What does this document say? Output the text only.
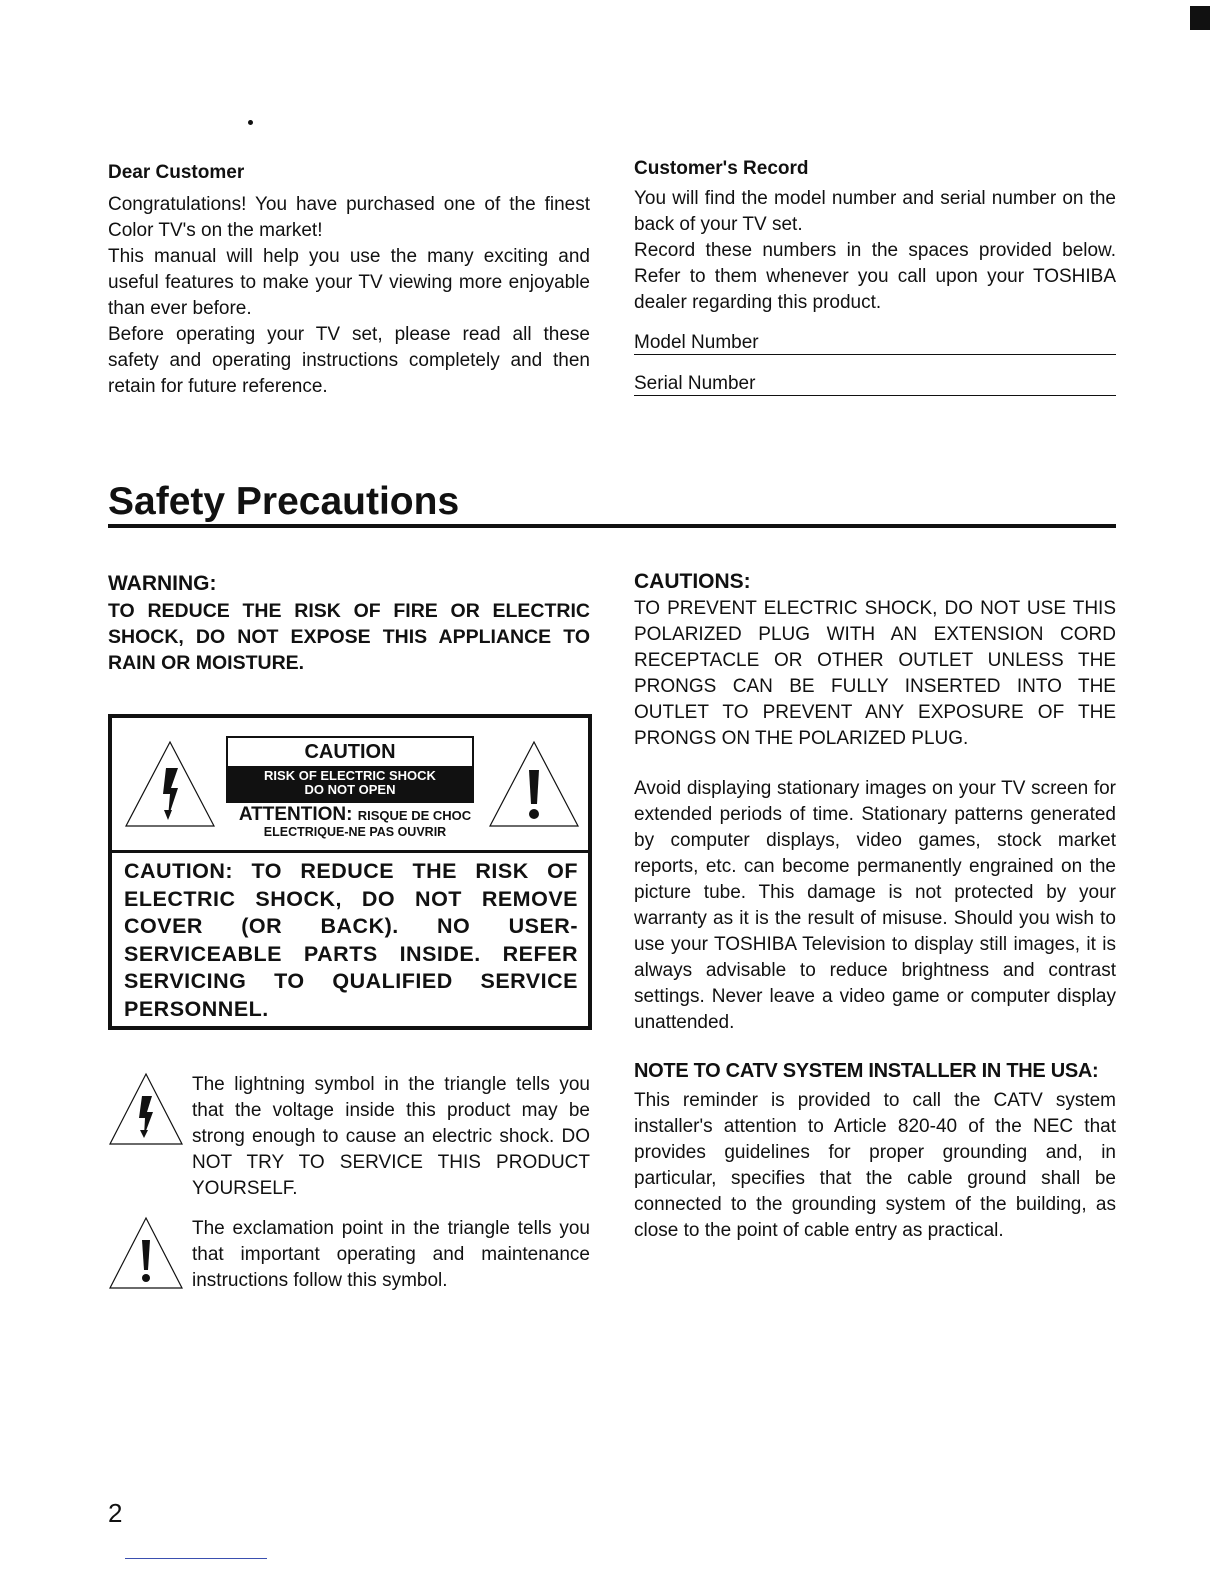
Dear Customer

Congratulations! You have purchased one of the finest Color TV's on the market!

This manual will help you use the many exciting and useful features to make your TV viewing more enjoyable than ever before.

Before operating your TV set, please read all these safety and operating instructions completely and then retain for future reference.

Customer's Record

You will find the model number and serial number on the back of your TV set.

Record these numbers in the spaces provided below. Refer to them whenever you call upon your TOSHIBA dealer regarding this product.

Model Number
Serial Number
Safety Precautions

WARNING:

TO REDUCE THE RISK OF FIRE OR ELECTRIC SHOCK, DO NOT EXPOSE THIS APPLIANCE TO RAIN OR MOISTURE.

CAUTION
RISK OF ELECTRIC SHOCK
DO NOT OPEN
ATTENTION: RISQUE DE CHOC
ELECTRIQUE-NE PAS OUVRIR

CAUTION: TO REDUCE THE RISK OF ELECTRIC SHOCK, DO NOT REMOVE COVER (OR BACK). NO USER-SERVICEABLE PARTS INSIDE. REFER SERVICING TO QUALIFIED SERVICE PERSONNEL.

The lightning symbol in the triangle tells you that the voltage inside this product may be strong enough to cause an electric shock. DO NOT TRY TO SERVICE THIS PRODUCT YOURSELF.

The exclamation point in the triangle tells you that important operating and maintenance instructions follow this symbol.

CAUTIONS:

TO PREVENT ELECTRIC SHOCK, DO NOT USE THIS POLARIZED PLUG WITH AN EXTENSION CORD RECEPTACLE OR OTHER OUTLET UNLESS THE PRONGS CAN BE FULLY INSERTED INTO THE OUTLET TO PREVENT ANY EXPOSURE OF THE PRONGS ON THE POLARIZED PLUG.

Avoid displaying stationary images on your TV screen for extended periods of time. Stationary patterns generated by computer displays, video games, stock market reports, etc. can become permanently engrained on the picture tube. This damage is not protected by your warranty as it is the result of misuse. Should you wish to use your TOSHIBA Television to display still images, it is always advisable to reduce brightness and contrast settings. Never leave a video game or computer display unattended.

NOTE TO CATV SYSTEM INSTALLER IN THE USA:

This reminder is provided to call the CATV system installer's attention to Article 820-40 of the NEC that provides guidelines for proper grounding and, in particular, specifies that the cable ground shall be connected to the grounding system of the building, as close to the point of cable entry as practical.

2
